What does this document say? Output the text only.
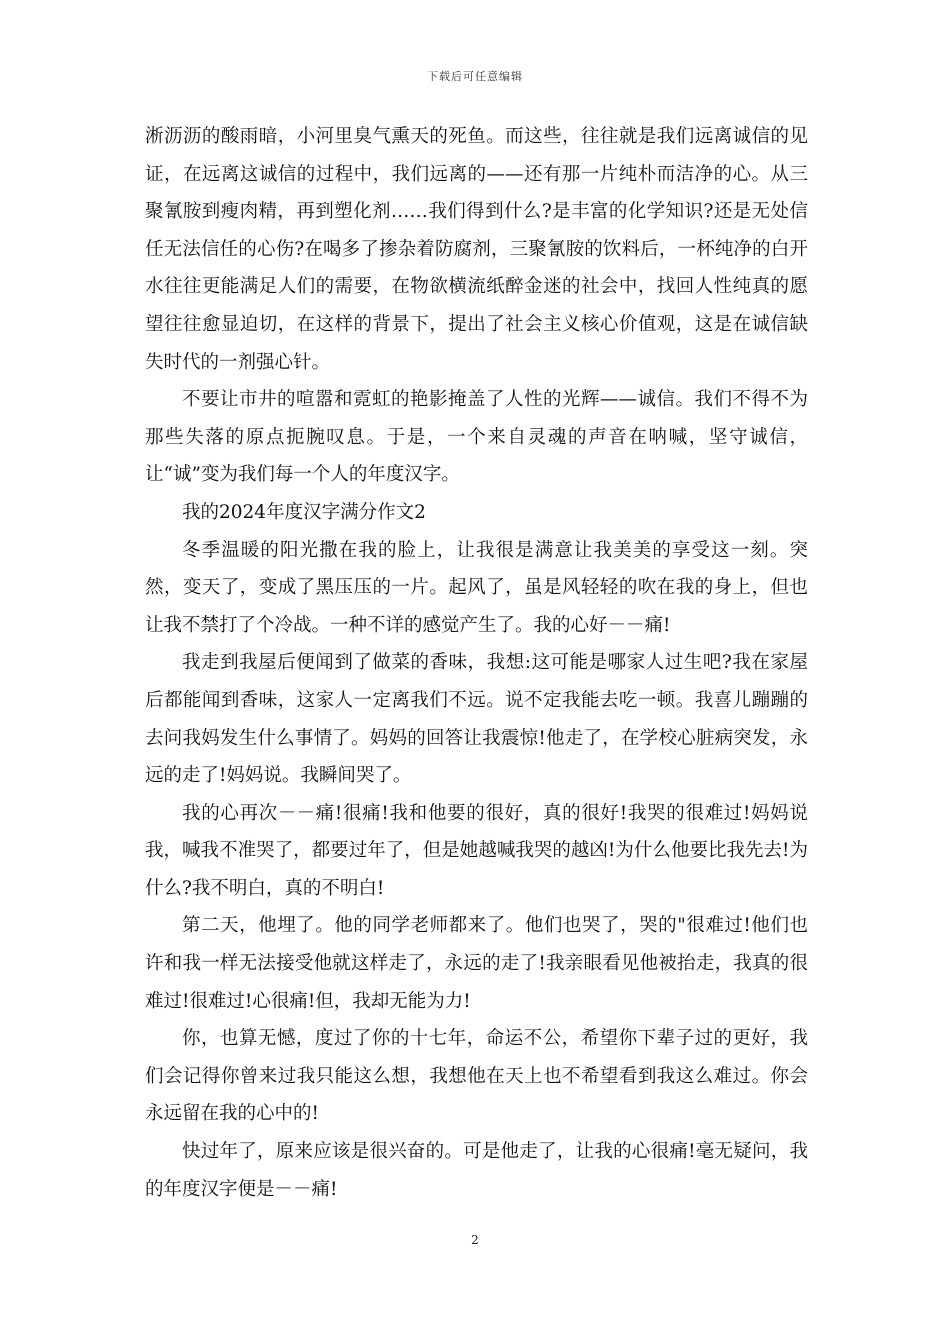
下载后可任意编辑

淅沥沥的酸雨暗，小河里臭气熏天的死鱼。而这些，往往就是我们远离诚信的见证，在远离这诚信的过程中，我们远离的——还有那一片纯朴而洁净的心。从三聚氰胺到瘦肉精，再到塑化剂……我们得到什么?是丰富的化学知识?还是无处信任无法信任的心伤?在喝多了掺杂着防腐剂，三聚氰胺的饮料后，一杯纯净的白开水往往更能满足人们的需要，在物欲横流纸醉金迷的社会中，找回人性纯真的愿望往往愈显迫切，在这样的背景下，提出了社会主义核心价值观，这是在诚信缺失时代的一剂强心针。

不要让市井的喧嚣和霓虹的艳影掩盖了人性的光辉——诚信。我们不得不为那些失落的原点扼腕叹息。于是，一个来自灵魂的声音在呐喊，坚守诚信，让“诚”变为我们每一个人的年度汉字。

我的2024年度汉字满分作文2

冬季温暖的阳光撒在我的脸上，让我很是满意让我美美的享受这一刻。突然，变天了，变成了黑压压的一片。起风了，虽是风轻轻的吹在我的身上，但也让我不禁打了个冷战。一种不详的感觉产生了。我的心好－－痛!

我走到我屋后便闻到了做菜的香味，我想:这可能是哪家人过生吧?我在家屋后都能闻到香味，这家人一定离我们不远。说不定我能去吃一顿。我喜儿蹦蹦的去问我妈发生什么事情了。妈妈的回答让我震惊!他走了，在学校心脏病突发，永远的走了!妈妈说。我瞬间哭了。

我的心再次－－痛!很痛!我和他要的很好，真的很好!我哭的很难过!妈妈说我，喊我不准哭了，都要过年了，但是她越喊我哭的越凶!为什么他要比我先去!为什么?我不明白，真的不明白!

第二天，他埋了。他的同学老师都来了。他们也哭了，哭的"很难过!他们也许和我一样无法接受他就这样走了，永远的走了!我亲眼看见他被抬走，我真的很难过!很难过!心很痛!但，我却无能为力!

你，也算无憾，度过了你的十七年，命运不公，希望你下辈子过的更好，我们会记得你曾来过我只能这么想，我想他在天上也不希望看到我这么难过。你会永远留在我的心中的!

快过年了，原来应该是很兴奋的。可是他走了，让我的心很痛!毫无疑问，我的年度汉字便是－－痛!

2
